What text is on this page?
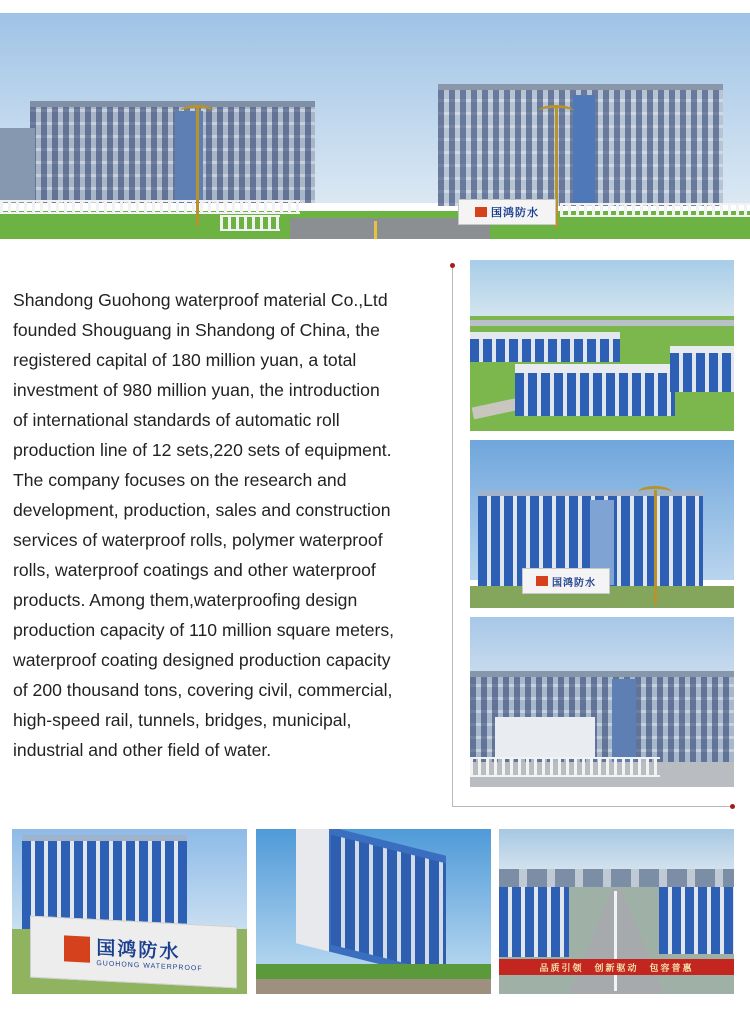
国鸿防水
Shandong Guohong waterproof material Co.,Ltd
founded Shouguang in Shandong of China, the
registered capital of 180 million yuan, a total
investment of 980 million yuan, the introduction
of international standards of automatic roll
production line of 12 sets,220 sets of equipment.
The company focuses on the research and
development, production, sales and construction
services of waterproof rolls, polymer waterproof
rolls, waterproof coatings and other waterproof
products. Among them,waterproofing design
production capacity of 110 million square meters,
waterproof coating designed production capacity
of 200 thousand tons, covering civil, commercial,
high-speed rail, tunnels, bridges, municipal,
industrial and other field of water.
国鸿防水
国鸿防水
GUOHONG WATERPROOF	品质引领　创新驱动　包容普惠
